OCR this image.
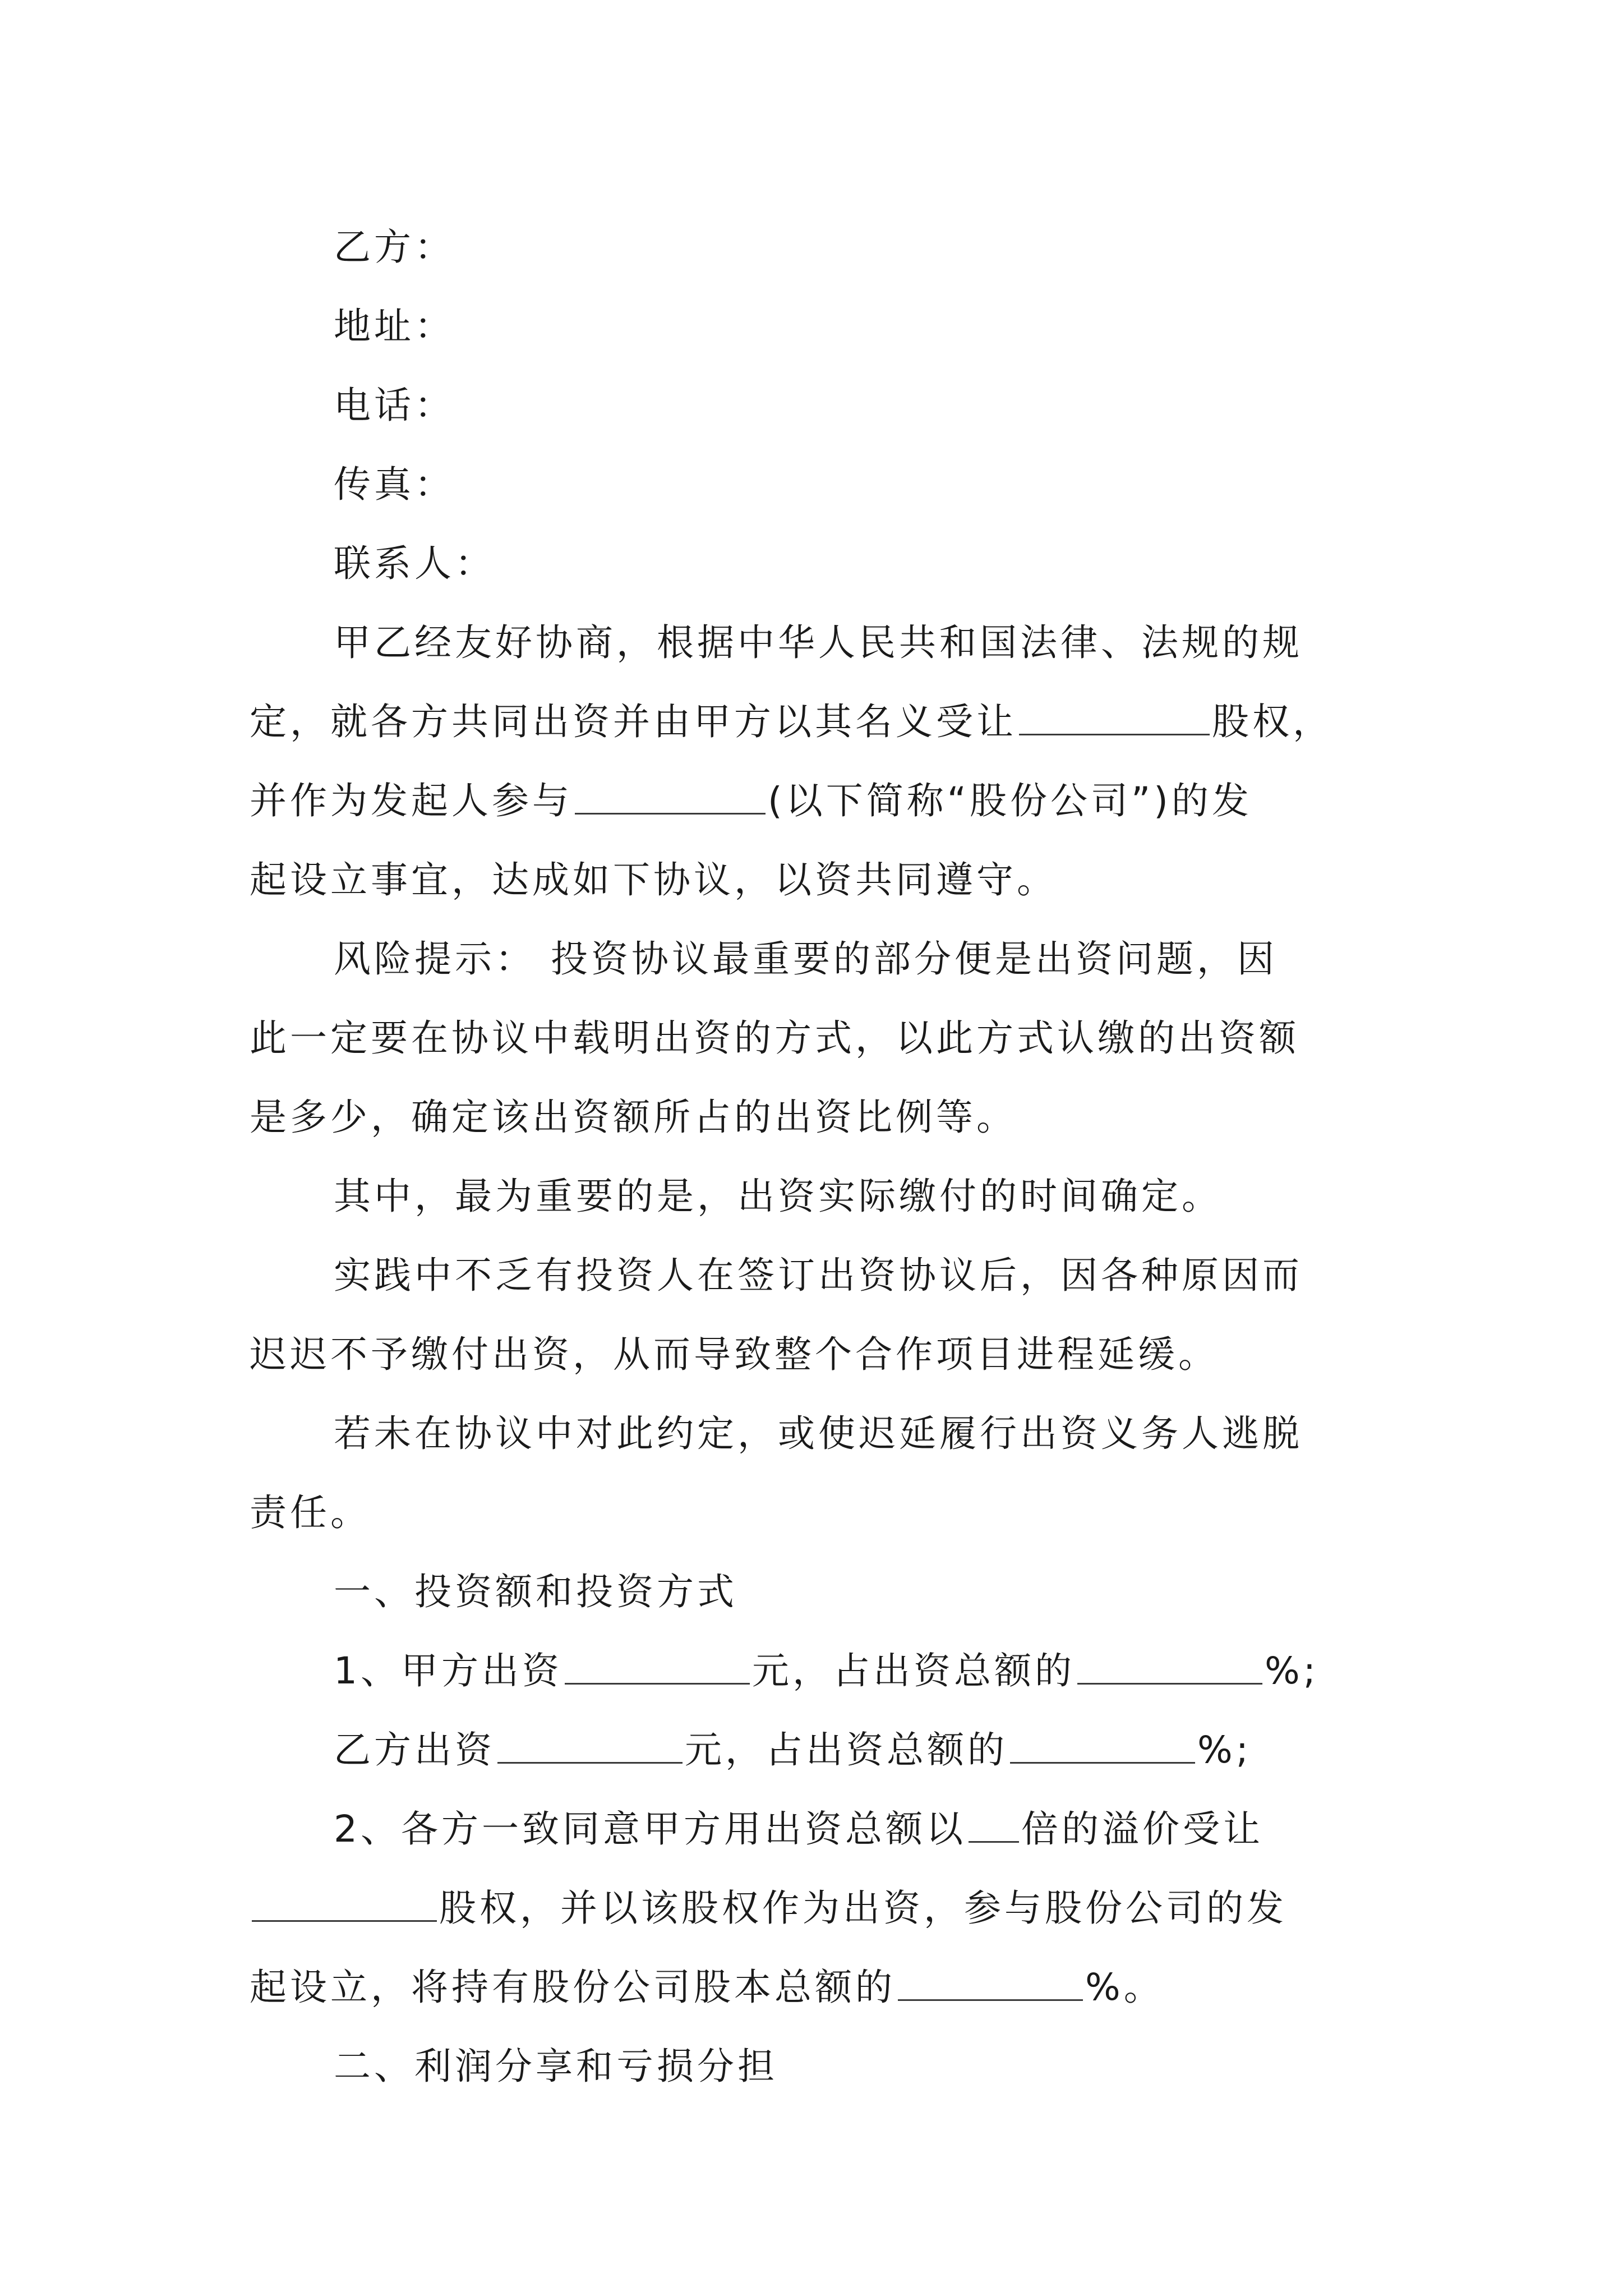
乙方：
地址：
电话：
传真：
联系人：
甲乙经友好协商，根据中华人民共和国法律、法规的规
定，就各方共同出资并由甲方以其名义受让	股权，
并作为发起人参与	(以下简称“股份公司”)的发
起设立事宜，达成如下协议，以资共同遵守。
风险提示： 投资协议最重要的部分便是出资问题，因
此一定要在协议中载明出资的方式，以此方式认缴的出资额
是多少，确定该出资额所占的出资比例等。
其中，最为重要的是，出资实际缴付的时间确定。
实践中不乏有投资人在签订出资协议后，因各种原因而
迟迟不予缴付出资，从而导致整个合作项目进程延缓。
若未在协议中对此约定，或使迟延履行出资义务人逃脱
责任。
一、投资额和投资方式
1、甲方出资	元，占出资总额的	%;
乙方出资	元，占出资总额的	%;
2、各方一致同意甲方用出资总额以 倍的溢价受让
股权，并以该股权作为出资，参与股份公司的发
起设立，将持有股份公司股本总额的	%。
二、利润分享和亏损分担
